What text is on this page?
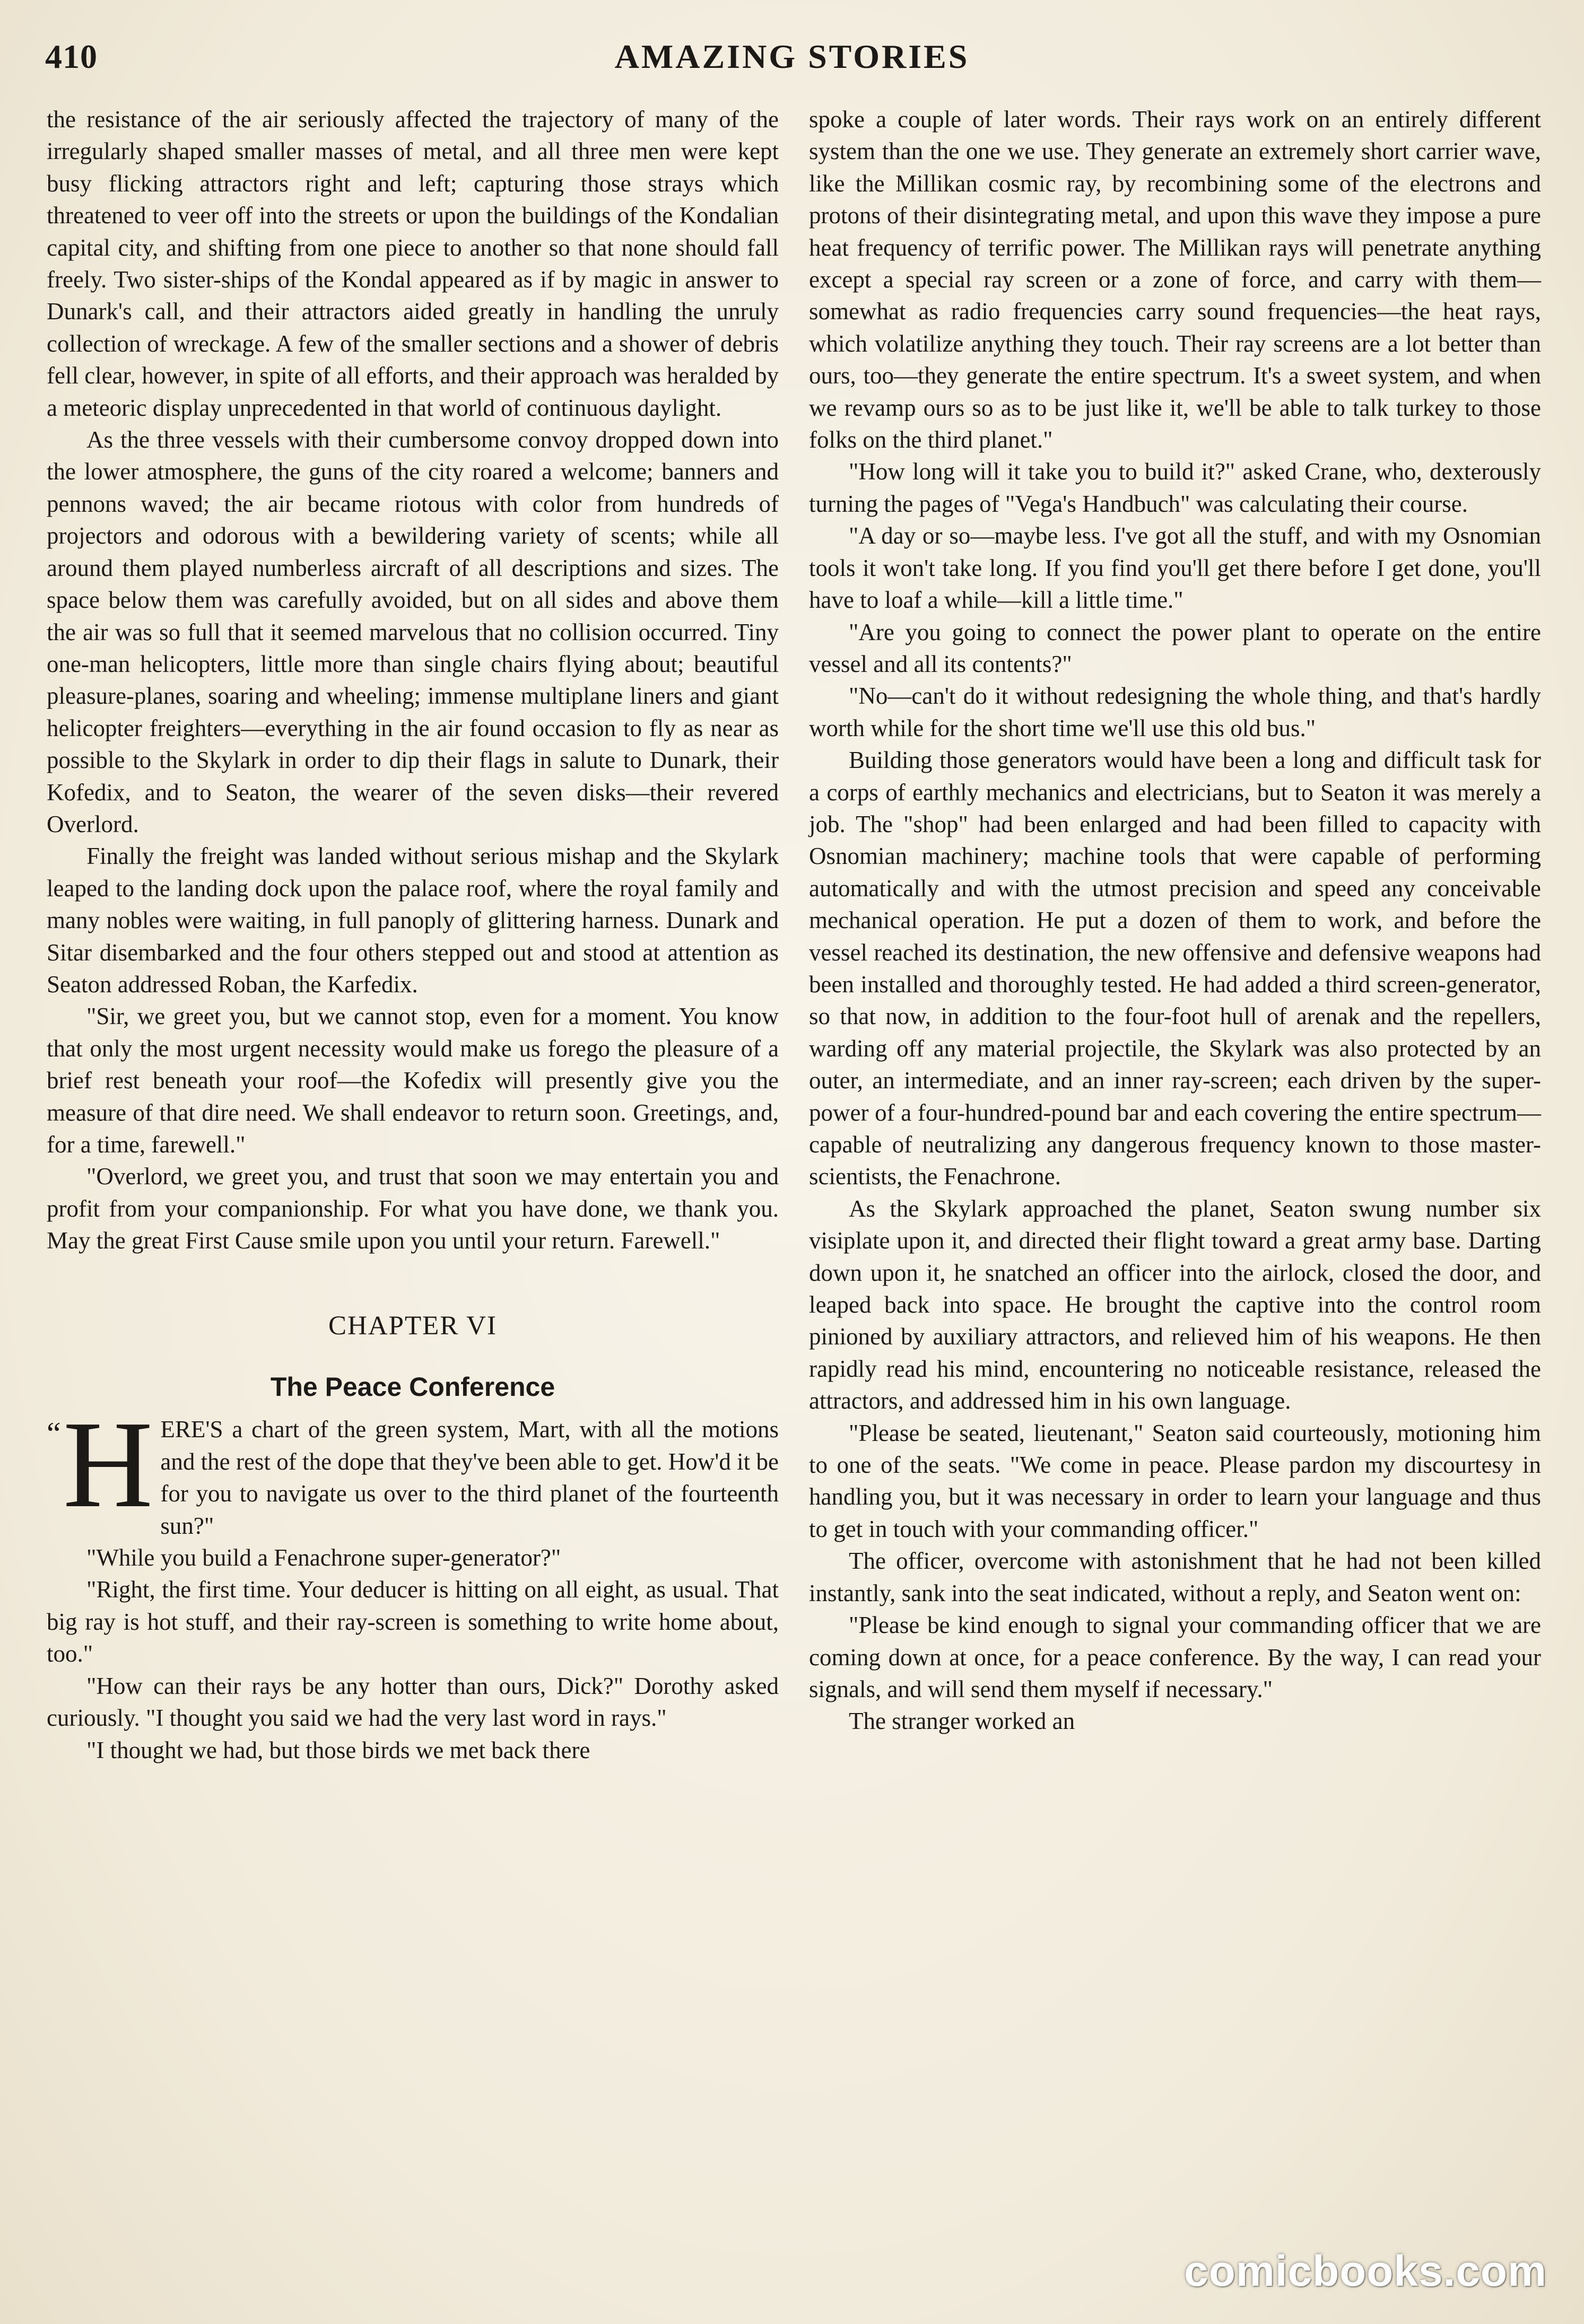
410	AMAZING STORIES

the resistance of the air seriously affected the trajectory of many of the irregularly shaped smaller masses of metal, and all three men were kept busy flicking attractors right and left; capturing those strays which threatened to veer off into the streets or upon the buildings of the Kondalian capital city, and shifting from one piece to another so that none should fall freely. Two sister-ships of the Kondal appeared as if by magic in answer to Dunark's call, and their attractors aided greatly in handling the unruly collection of wreckage. A few of the smaller sections and a shower of debris fell clear, however, in spite of all efforts, and their approach was heralded by a meteoric display unprecedented in that world of continuous daylight.

As the three vessels with their cumbersome convoy dropped down into the lower atmosphere, the guns of the city roared a welcome; banners and pennons waved; the air became riotous with color from hundreds of projectors and odorous with a bewildering variety of scents; while all around them played numberless aircraft of all descriptions and sizes. The space below them was carefully avoided, but on all sides and above them the air was so full that it seemed marvelous that no collision occurred. Tiny one-man helicopters, little more than single chairs flying about; beautiful pleasure-planes, soaring and wheeling; immense multiplane liners and giant helicopter freighters—everything in the air found occasion to fly as near as possible to the Skylark in order to dip their flags in salute to Dunark, their Kofedix, and to Seaton, the wearer of the seven disks—their revered Overlord.

Finally the freight was landed without serious mishap and the Skylark leaped to the landing dock upon the palace roof, where the royal family and many nobles were waiting, in full panoply of glittering harness. Dunark and Sitar disembarked and the four others stepped out and stood at attention as Seaton addressed Roban, the Karfedix.

"Sir, we greet you, but we cannot stop, even for a moment. You know that only the most urgent necessity would make us forego the pleasure of a brief rest beneath your roof—the Kofedix will presently give you the measure of that dire need. We shall endeavor to return soon. Greetings, and, for a time, farewell."

"Overlord, we greet you, and trust that soon we may entertain you and profit from your companionship. For what you have done, we thank you. May the great First Cause smile upon you until your return. Farewell."

CHAPTER VI
The Peace Conference

“ H ERE'S a chart of the green system, Mart, with all the motions and the rest of the dope that they've been able to get. How'd it be for you to navigate us over to the third planet of the fourteenth sun?"

"While you build a Fenachrone super-generator?"

"Right, the first time. Your deducer is hitting on all eight, as usual. That big ray is hot stuff, and their ray-screen is something to write home about, too."

"How can their rays be any hotter than ours, Dick?" Dorothy asked curiously. "I thought you said we had the very last word in rays."

"I thought we had, but those birds we met back there

spoke a couple of later words. Their rays work on an entirely different system than the one we use. They generate an extremely short carrier wave, like the Millikan cosmic ray, by recombining some of the electrons and protons of their disintegrating metal, and upon this wave they impose a pure heat frequency of terrific power. The Millikan rays will penetrate anything except a special ray screen or a zone of force, and carry with them—somewhat as radio frequencies carry sound frequencies—the heat rays, which volatilize anything they touch. Their ray screens are a lot better than ours, too—they generate the entire spectrum. It's a sweet system, and when we revamp ours so as to be just like it, we'll be able to talk turkey to those folks on the third planet."

"How long will it take you to build it?" asked Crane, who, dexterously turning the pages of "Vega's Handbuch" was calculating their course.

"A day or so—maybe less. I've got all the stuff, and with my Osnomian tools it won't take long. If you find you'll get there before I get done, you'll have to loaf a while—kill a little time."

"Are you going to connect the power plant to operate on the entire vessel and all its contents?"

"No—can't do it without redesigning the whole thing, and that's hardly worth while for the short time we'll use this old bus."

Building those generators would have been a long and difficult task for a corps of earthly mechanics and electricians, but to Seaton it was merely a job. The "shop" had been enlarged and had been filled to capacity with Osnomian machinery; machine tools that were capable of performing automatically and with the utmost precision and speed any conceivable mechanical operation. He put a dozen of them to work, and before the vessel reached its destination, the new offensive and defensive weapons had been installed and thoroughly tested. He had added a third screen-generator, so that now, in addition to the four-foot hull of arenak and the repellers, warding off any material projectile, the Skylark was also protected by an outer, an intermediate, and an inner ray-screen; each driven by the super-power of a four-hundred-pound bar and each covering the entire spectrum—capable of neutralizing any dangerous frequency known to those master-scientists, the Fenachrone.

As the Skylark approached the planet, Seaton swung number six visiplate upon it, and directed their flight toward a great army base. Darting down upon it, he snatched an officer into the airlock, closed the door, and leaped back into space. He brought the captive into the control room pinioned by auxiliary attractors, and relieved him of his weapons. He then rapidly read his mind, encountering no noticeable resistance, released the attractors, and addressed him in his own language.

"Please be seated, lieutenant," Seaton said courteously, motioning him to one of the seats. "We come in peace. Please pardon my discourtesy in handling you, but it was necessary in order to learn your language and thus to get in touch with your commanding officer."

The officer, overcome with astonishment that he had not been killed instantly, sank into the seat indicated, without a reply, and Seaton went on:

"Please be kind enough to signal your commanding officer that we are coming down at once, for a peace conference. By the way, I can read your signals, and will send them myself if necessary."

The stranger worked an

comicbooks.com
